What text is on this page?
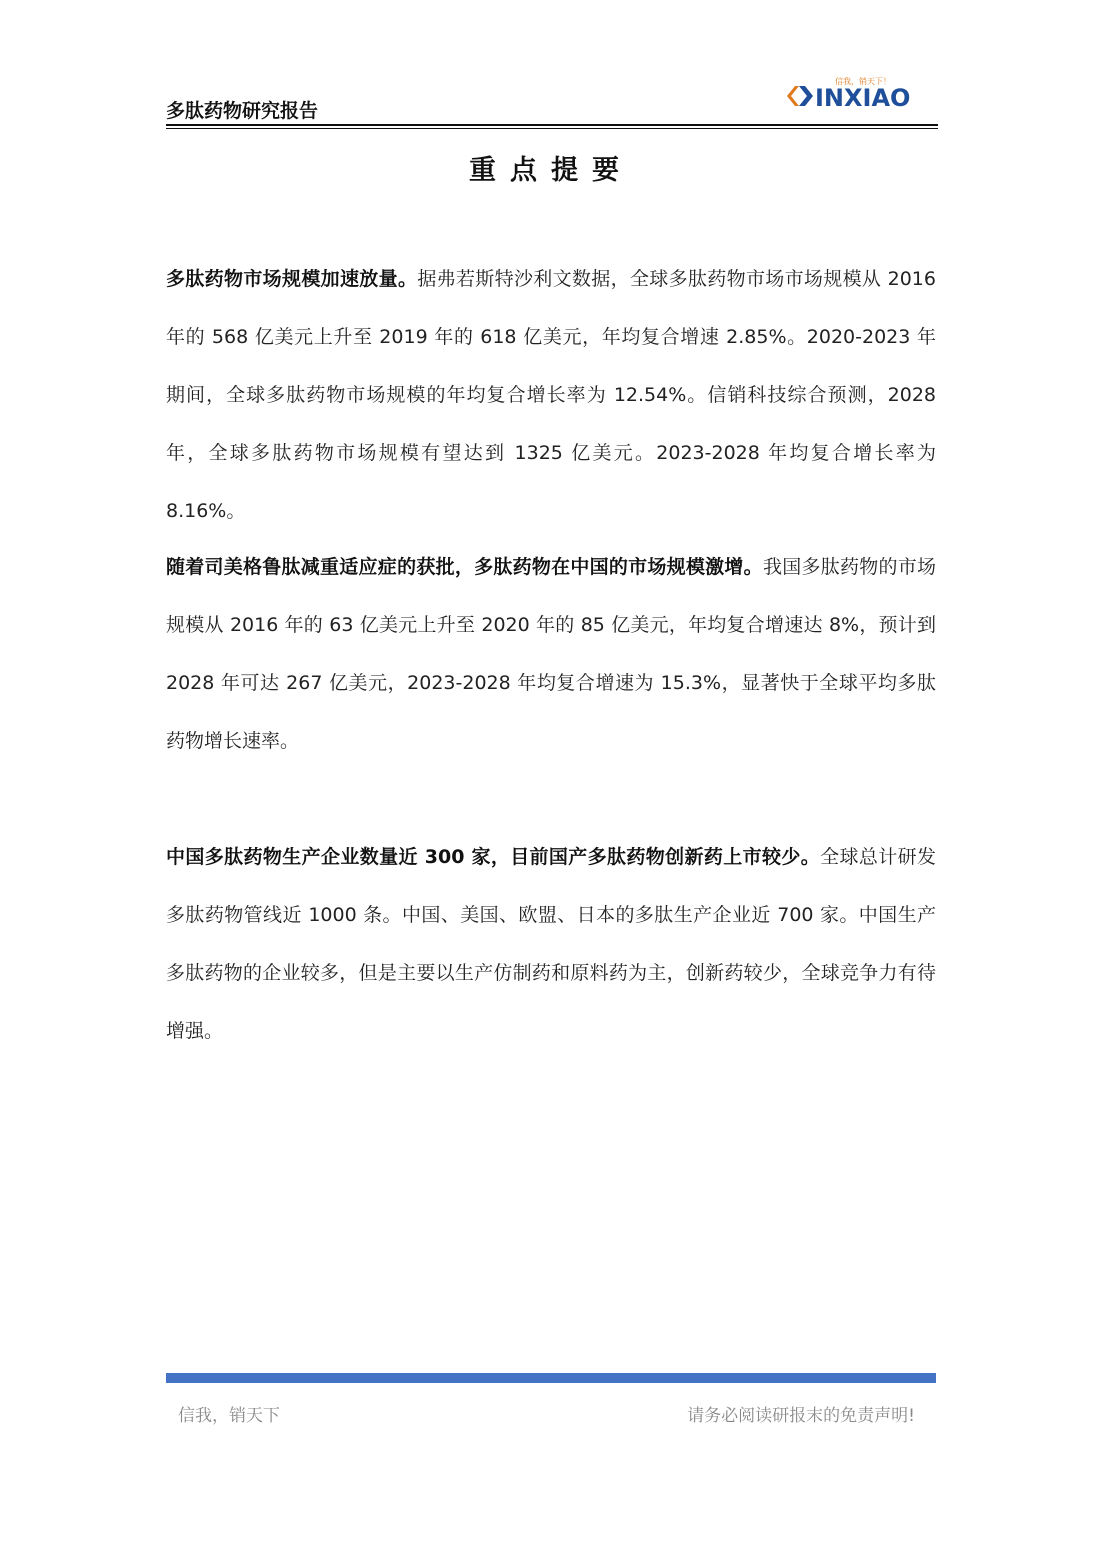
多肽药物研究报告	INXIAO
信我，销天下！
重点提要
多肽药物市场规模加速放量。据弗若斯特沙利文数据，全球多肽药物市场市场规模从 2016 年的 568 亿美元上升至 2019 年的 618 亿美元，年均复合增速 2.85%。2020-2023 年期间，全球多肽药物市场规模的年均复合增长率为 12.54%。信销科技综合预测，2028 年，全球多肽药物市场规模有望达到 1325 亿美元。2023-2028 年均复合增长率为 8.16%。
随着司美格鲁肽减重适应症的获批，多肽药物在中国的市场规模激增。我国多肽药物的市场规模从 2016 年的 63 亿美元上升至 2020 年的 85 亿美元，年均复合增速达 8%，预计到 2028 年可达 267 亿美元，2023-2028 年均复合增速为 15.3%，显著快于全球平均多肽药物增长速率。
中国多肽药物生产企业数量近 300 家，目前国产多肽药物创新药上市较少。全球总计研发多肽药物管线近 1000 条。中国、美国、欧盟、日本的多肽生产企业近 700 家。中国生产多肽药物的企业较多，但是主要以生产仿制药和原料药为主，创新药较少，全球竞争力有待增强。
信我，销天下	请务必阅读研报末的免责声明!
